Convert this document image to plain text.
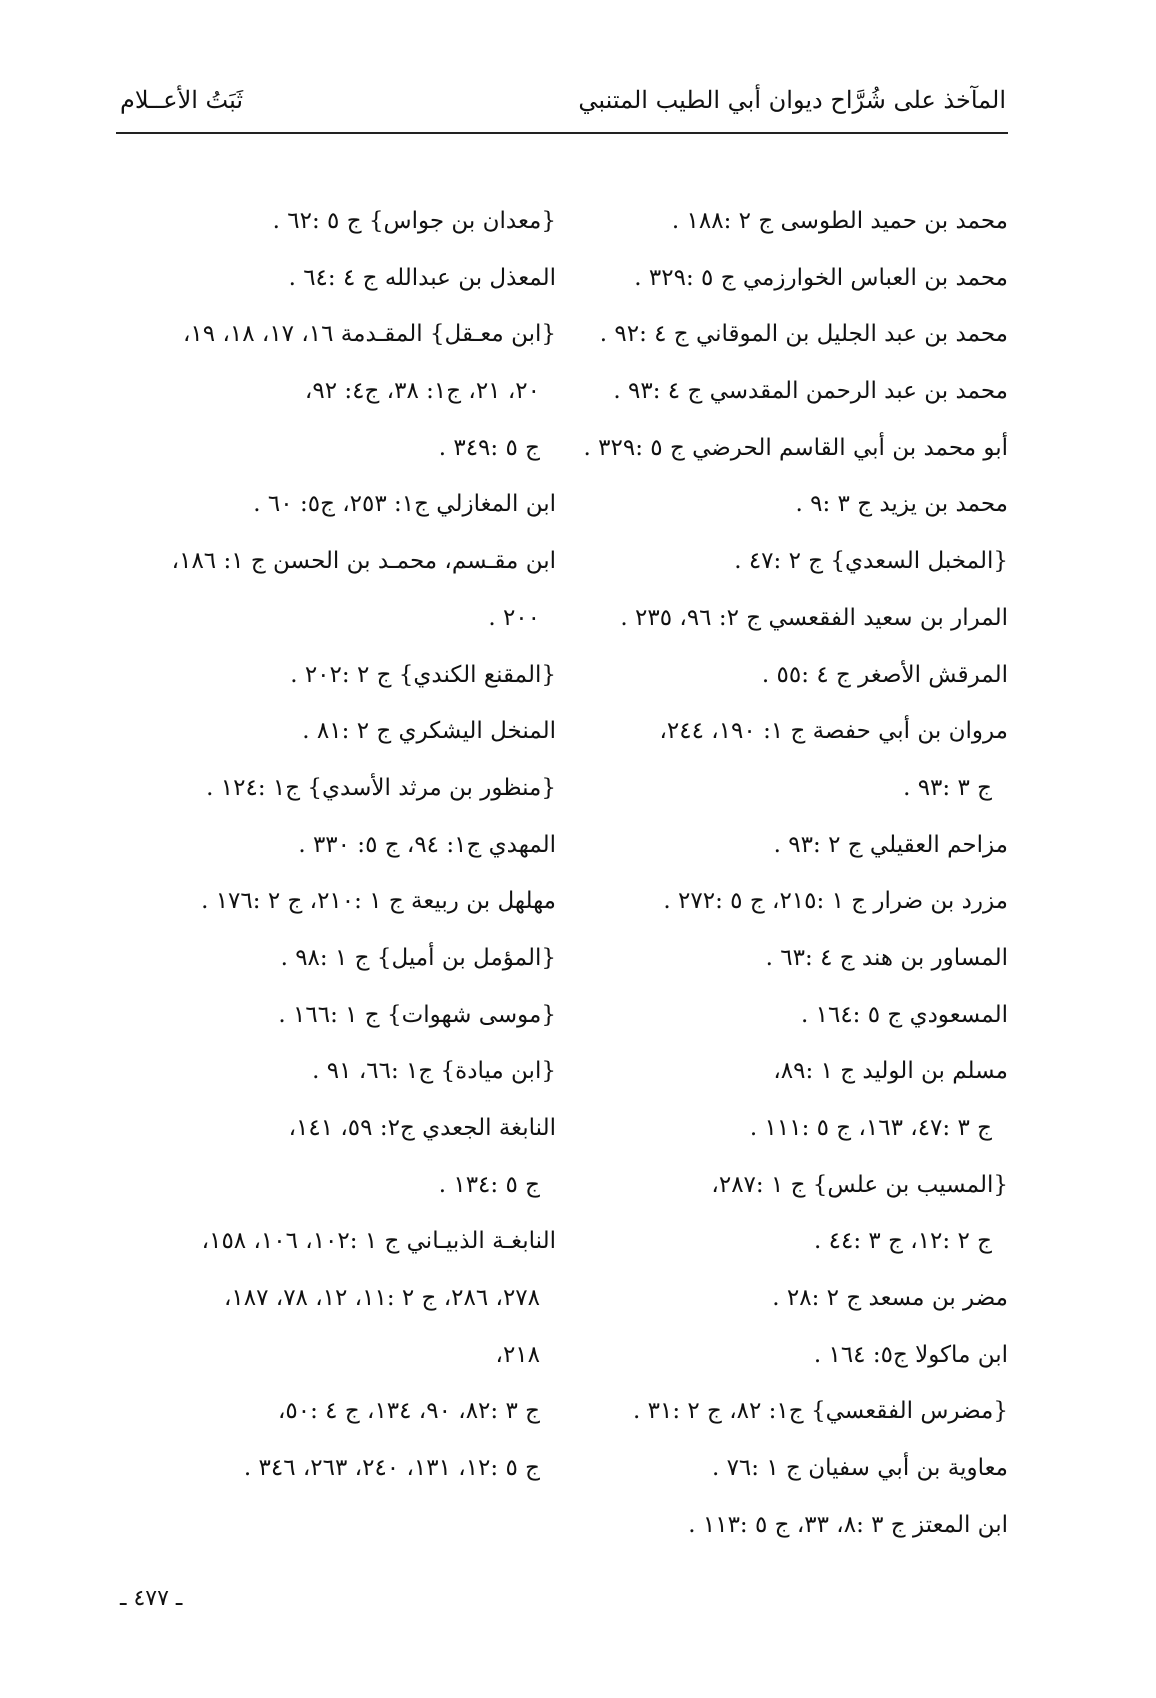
المآخذ على شُرَّاح ديوان أبي الطيب المتنبي
ثَبَتُ الأعــلام
محمد بن حميد الطوسى ج ٢ :١٨٨ .
محمد بن العباس الخوارزمي ج ٥ :٣٢٩ .
محمد بن عبد الجليل بن الموقاني ج ٤ :٩٢ .
محمد بن عبد الرحمن المقدسي ج ٤ :٩٣ .
أبو محمد بن أبي القاسم الحرضي ج ٥ :٣٢٩ .
محمد بن يزيد ج ٣ :٩ .
{المخبل السعدي} ج ٢ :٤٧ .
المرار بن سعيد الفقعسي ج ٢: ٩٦، ٢٣٥ .
المرقش الأصغر ج ٤ :٥٥ .
مروان بن أبي حفصة ج ١: ١٩٠، ٢٤٤،
ج ٣ :٩٣ .
مزاحم العقيلي ج ٢ :٩٣ .
مزرد بن ضرار ج ١ :٢١٥، ج ٥ :٢٧٢ .
المساور بن هند ج ٤ :٦٣ .
المسعودي ج ٥ :١٦٤ .
مسلم بن الوليد ج ١ :٨٩،
ج ٣ :٤٧، ١٦٣، ج ٥ :١١١ .
{المسيب بن علس} ج ١ :٢٨٧،
ج ٢ :١٢، ج ٣ :٤٤ .
مضر بن مسعد ج ٢ :٢٨ .
ابن ماكولا ج٥: ١٦٤ .
{مضرس الفقعسي} ج١: ٨٢، ج ٢ :٣١ .
معاوية بن أبي سفيان ج ١ :٧٦ .
ابن المعتز ج ٣ :٨، ٣٣، ج ٥ :١١٣ .
{معدان بن جواس} ج ٥ :٦٢ .
المعذل بن عبدالله ج ٤ :٦٤ .
{ابن معـقل} المقـدمة ١٦، ١٧، ١٨، ١٩،
٢٠، ٢١، ج١: ٣٨، ج٤: ٩٢،
ج ٥ :٣٤٩ .
ابن المغازلي ج١: ٢٥٣، ج٥: ٦٠ .
ابن مقـسم، محمـد بن الحسن ج ١: ١٨٦،
٢٠٠ .
{المقنع الكندي} ج ٢ :٢٠٢ .
المنخل اليشكري ج ٢ :٨١ .
{منظور بن مرثد الأسدي} ج١ :١٢٤ .
المهدي ج١: ٩٤، ج ٥: ٣٣٠ .
مهلهل بن ربيعة ج ١ :٢١٠، ج ٢ :١٧٦ .
{المؤمل بن أميل} ج ١ :٩٨ .
{موسى شهوات} ج ١ :١٦٦ .
{ابن ميادة} ج١ :٦٦، ٩١ .
النابغة الجعدي ج٢: ٥٩، ١٤١،
ج ٥ :١٣٤ .
النابغـة الذبيـاني ج ١ :١٠٢، ١٠٦، ١٥٨،
٢٧٨، ٢٨٦، ج ٢ :١١، ١٢، ٧٨، ١٨٧،
٢١٨،
ج ٣ :٨٢، ٩٠، ١٣٤، ج ٤ :٥٠،
ج ٥ :١٢، ١٣١، ٢٤٠، ٢٦٣، ٣٤٦ .
ـ ٤٧٧ ـ
